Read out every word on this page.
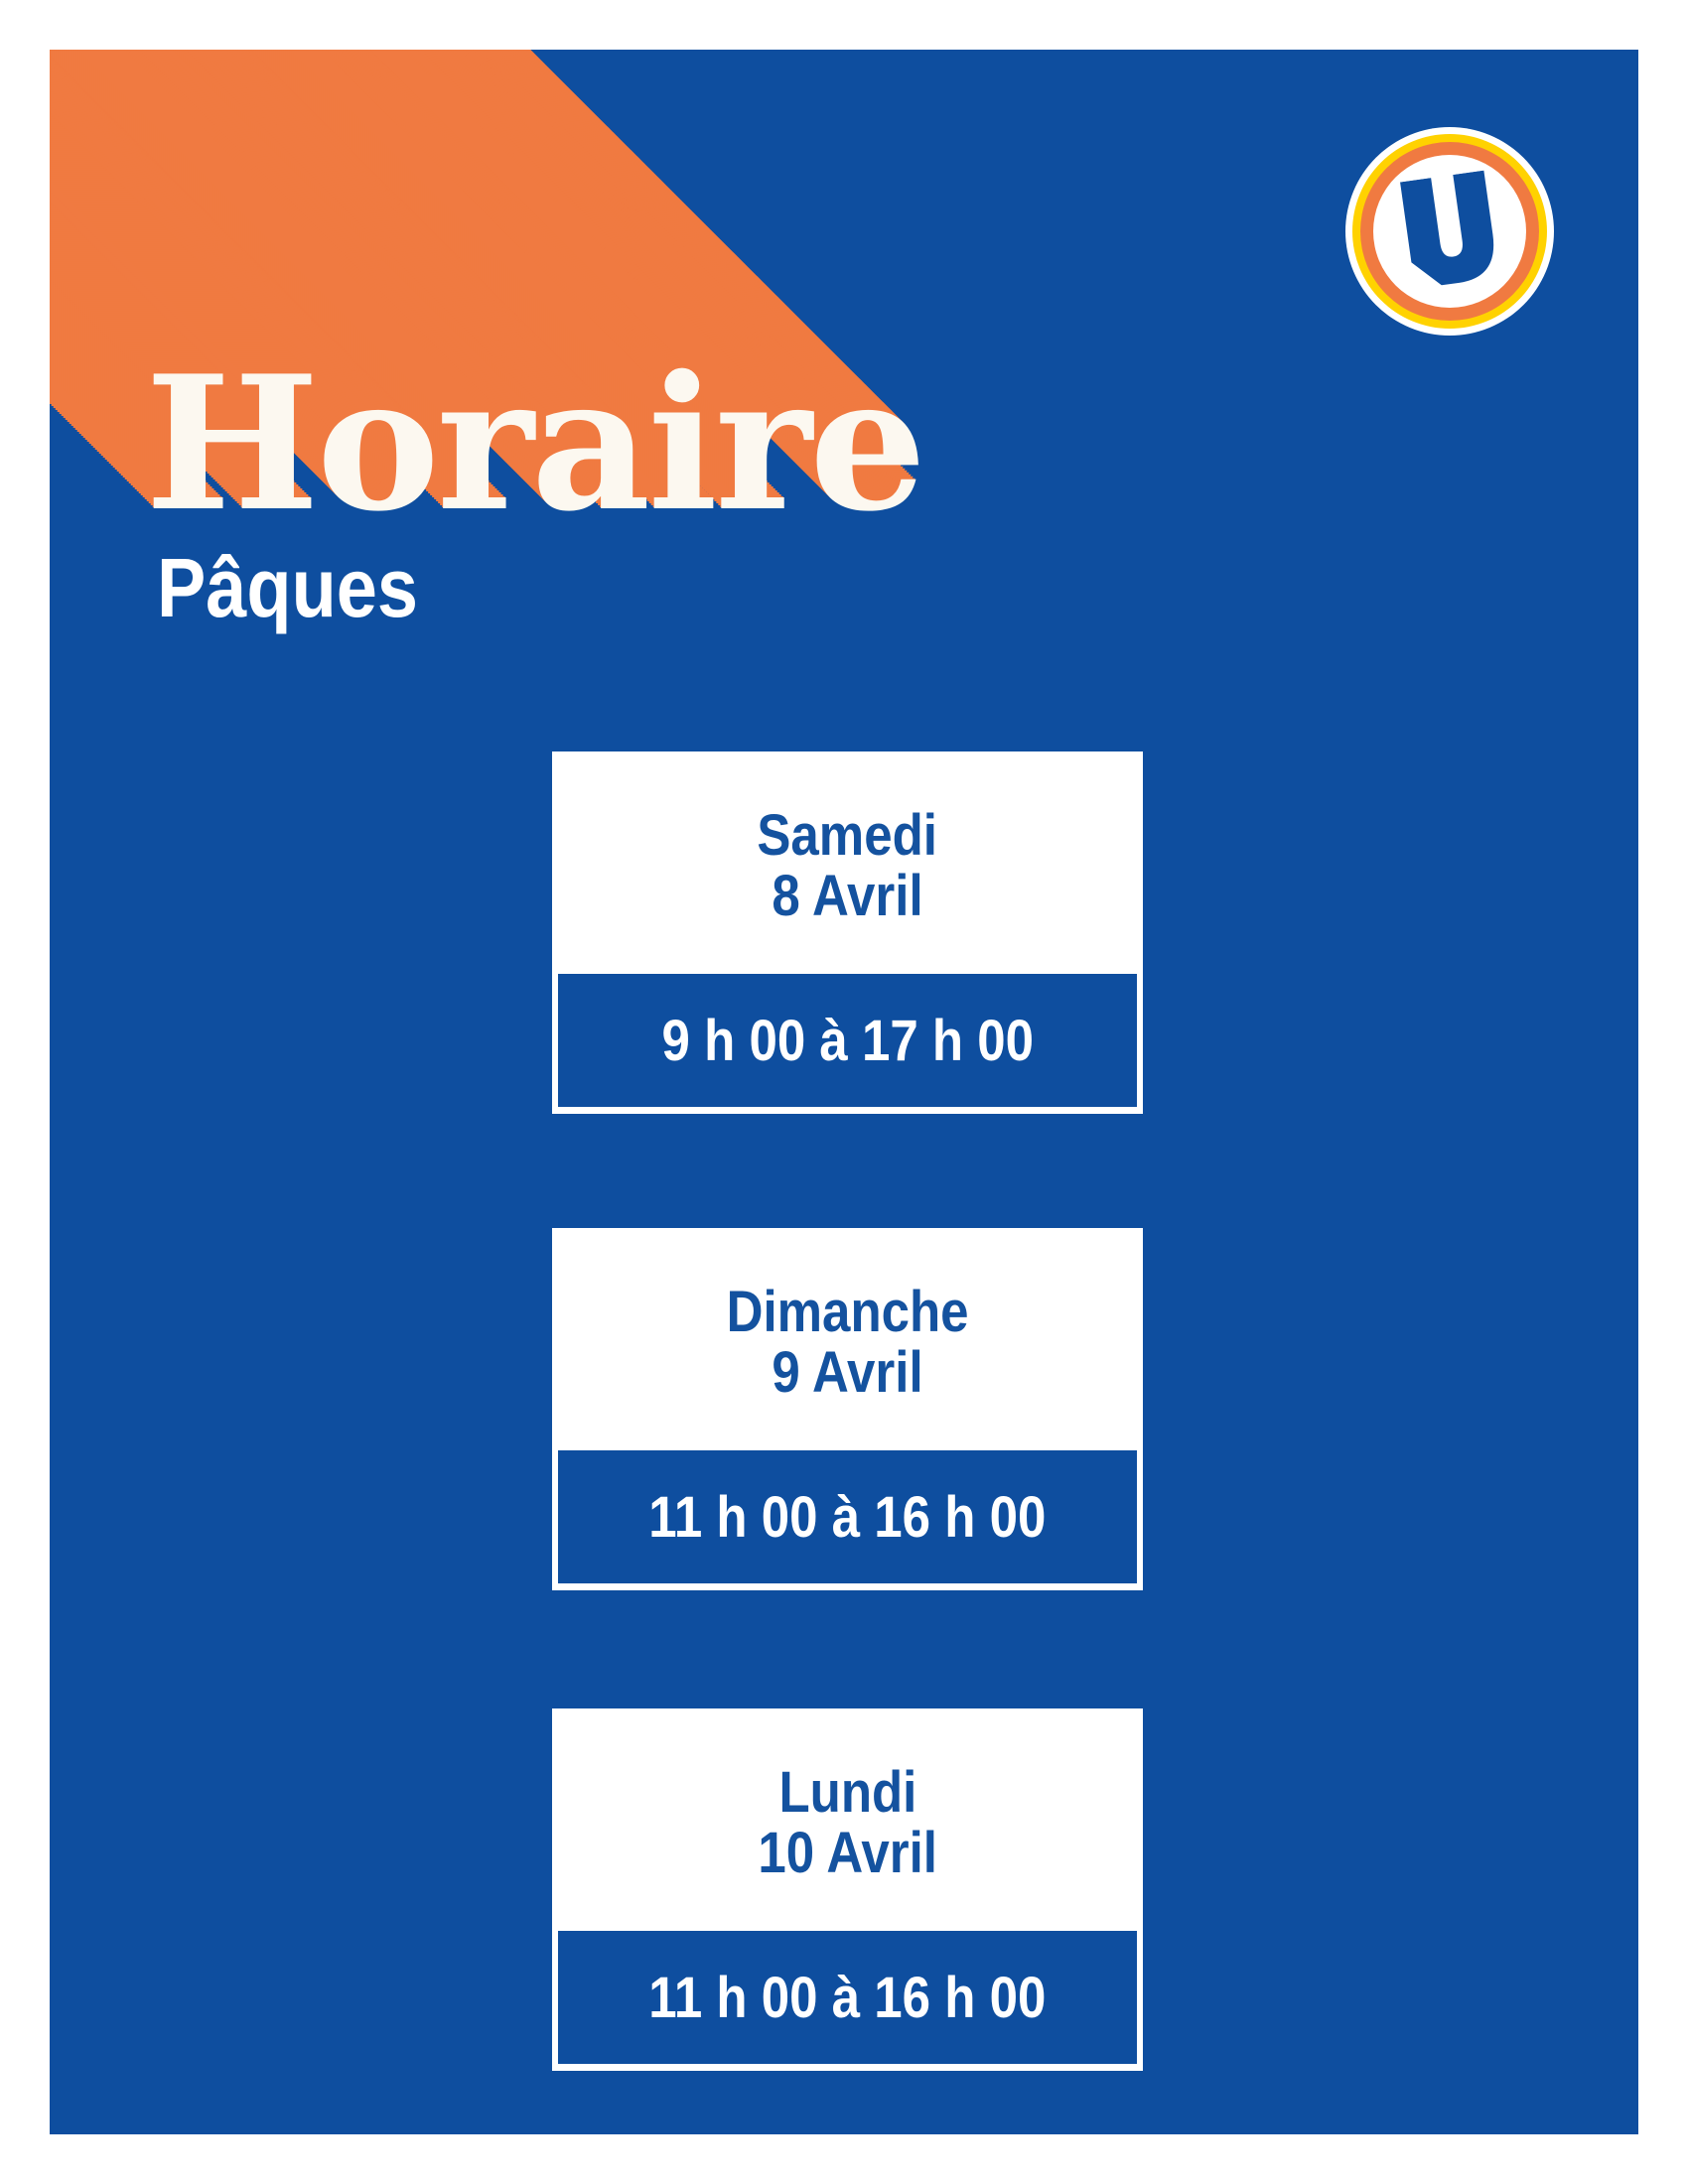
Horaire
Pâques
Samedi
8 Avril
9 h 00 à 17 h 00
Dimanche
9 Avril
11 h 00 à 16 h 00
Lundi
10 Avril
11 h 00 à 16 h 00
